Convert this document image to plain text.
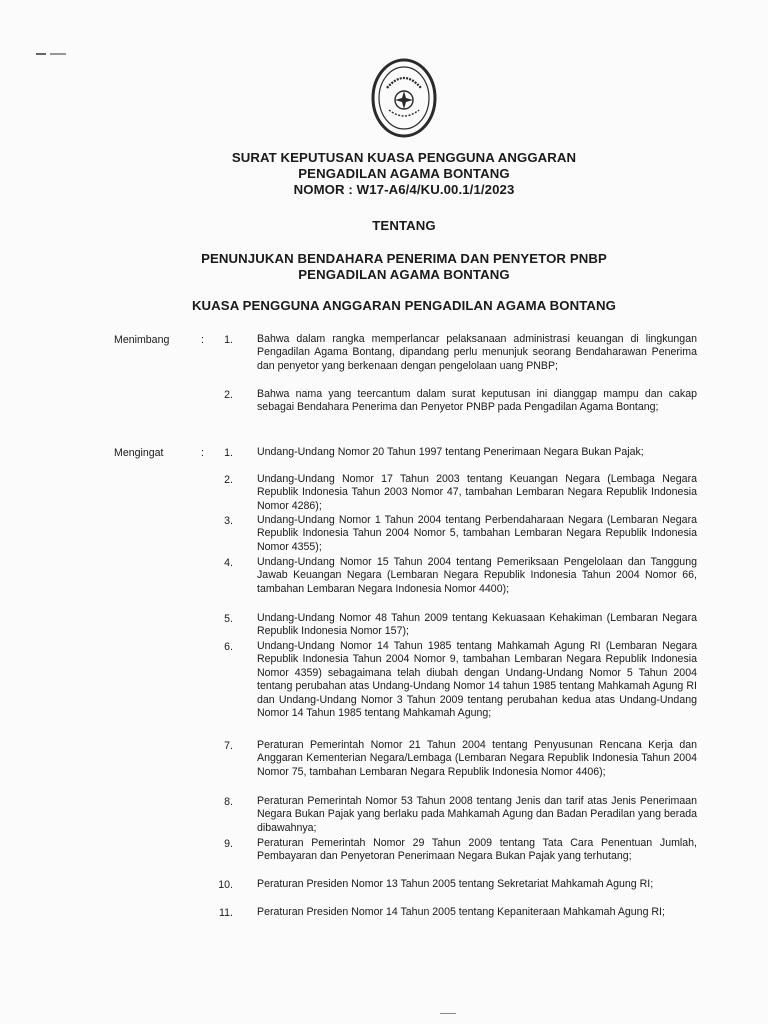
SURAT KEPUTUSAN KUASA PENGGUNA ANGGARAN
PENGADILAN AGAMA BONTANG
NOMOR : W17-A6/4/KU.00.1/1/2023
TENTANG
PENUNJUKAN BENDAHARA PENERIMA DAN PENYETOR PNBP
PENGADILAN AGAMA BONTANG
KUASA PENGGUNA ANGGARAN PENGADILAN AGAMA BONTANG
Menimbang	:	1. Bahwa dalam rangka memperlancar pelaksanaan administrasi keuangan di lingkungan Pengadilan Agama Bontang, dipandang perlu menunjuk seorang Bendaharawan Penerima dan penyetor yang berkenaan dengan pengelolaan uang PNBP;
2. Bahwa nama yang teercantum dalam surat keputusan ini dianggap mampu dan cakap sebagai Bendahara Penerima dan Penyetor PNBP pada Pengadilan Agama Bontang;
Mengingat	:	1. Undang-Undang Nomor 20 Tahun 1997 tentang Penerimaan Negara Bukan Pajak;
2. Undang-Undang Nomor 17 Tahun 2003 tentang Keuangan Negara (Lembaga Negara Republik Indonesia Tahun 2003 Nomor 47, tambahan Lembaran Negara Republik Indonesia Nomor 4286);
3. Undang-Undang Nomor 1 Tahun 2004 tentang Perbendaharaan Negara (Lembaran Negara Republik Indonesia Tahun 2004 Nomor 5, tambahan Lembaran Negara Republik Indonesia Nomor 4355);
4. Undang-Undang Nomor 15 Tahun 2004 tentang Pemeriksaan Pengelolaan dan Tanggung Jawab Keuangan Negara (Lembaran Negara Republik Indonesia Tahun 2004 Nomor 66, tambahan Lembaran Negara Indonesia Nomor 4400);
5. Undang-Undang Nomor 48 Tahun 2009 tentang Kekuasaan Kehakiman (Lembaran Negara Republik Indonesia Nomor 157);
6. Undang-Undang Nomor 14 Tahun 1985 tentang Mahkamah Agung RI (Lembaran Negara Republik Indonesia Tahun 2004 Nomor 9, tambahan Lembaran Negara Republik Indonesia Nomor 4359) sebagaimana telah diubah dengan Undang-Undang Nomor 5 Tahun 2004 tentang perubahan atas Undang-Undang Nomor 14 tahun 1985 tentang Mahkamah Agung RI dan Undang-Undang Nomor 3 Tahun 2009 tentang perubahan kedua atas Undang-Undang Nomor 14 Tahun 1985 tentang Mahkamah Agung;
7. Peraturan Pemerintah Nomor 21 Tahun 2004 tentang Penyusunan Rencana Kerja dan Anggaran Kementerian Negara/Lembaga (Lembaran Negara Republik Indonesia Tahun 2004 Nomor 75, tambahan Lembaran Negara Republik Indonesia Nomor 4406);
8. Peraturan Pemerintah Nomor 53 Tahun 2008 tentang Jenis dan tarif atas Jenis Penerimaan Negara Bukan Pajak yang berlaku pada Mahkamah Agung dan Badan Peradilan yang berada dibawahnya;
9. Peraturan Pemerintah Nomor 29 Tahun 2009 tentang Tata Cara Penentuan Jumlah, Pembayaran dan Penyetoran Penerimaan Negara Bukan Pajak yang terhutang;
10. Peraturan Presiden Nomor 13 Tahun 2005 tentang Sekretariat Mahkamah Agung RI;
11. Peraturan Presiden Nomor 14 Tahun 2005 tentang Kepaniteraan Mahkamah Agung RI;
